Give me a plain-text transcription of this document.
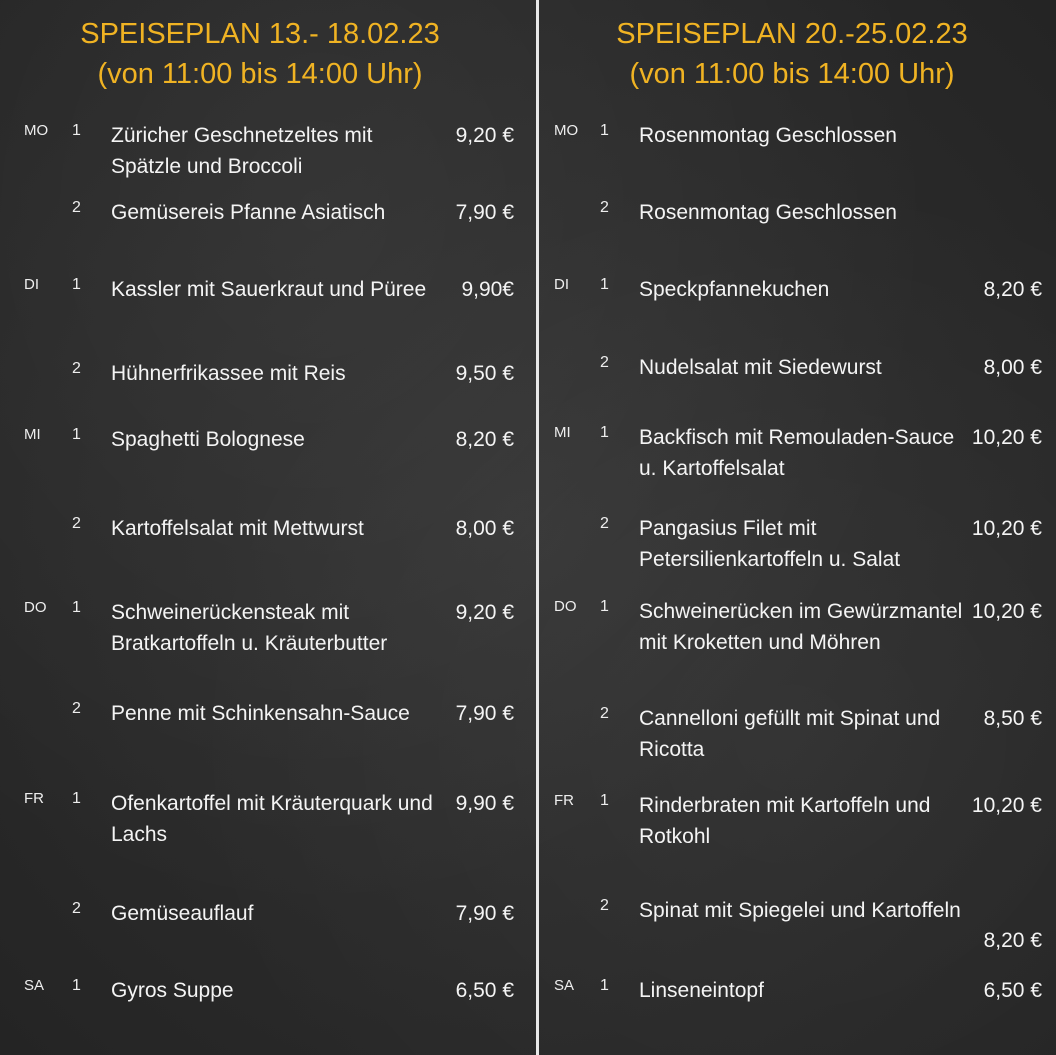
SPEISEPLAN 13.- 18.02.23
(von 11:00 bis 14:00 Uhr)
MO 1 Züricher Geschnetzeltes mit Spätzle und Broccoli
9,20 €
2 Gemüsereis Pfanne Asiatisch	7,90 €
DI 1 Kassler mit Sauerkraut und Püree	9,90€
2 Hühnerfrikassee mit Reis	9,50 €
MI 1 Spaghetti Bolognese	8,20 €
2 Kartoffelsalat mit Mettwurst	8,00 €
DO 1 Schweinerückensteak mit Bratkartoffeln u. Kräuterbutter
9,20 €
2 Penne mit Schinkensahn-Sauce	7,90 €
FR 1 Ofenkartoffel mit Kräuterquark und Lachs
9,90 €
2 Gemüseauflauf	7,90 €
SA 1 Gyros Suppe	6,50 €
SPEISEPLAN 20.-25.02.23
(von 11:00 bis 14:00 Uhr)
MO 1 Rosenmontag Geschlossen
2 Rosenmontag Geschlossen
DI 1 Speckpfannekuchen	8,20 €
2 Nudelsalat mit Siedewurst	8,00 €
MI 1 Backfisch mit Remouladen-Sauce u. Kartoffelsalat
10,20 €
2 Pangasius Filet mit Petersilienkartoffeln u. Salat
10,20 €
DO 1 Schweinerücken im Gewürzmantel mit Kroketten und Möhren
10,20 €
2 Cannelloni gefüllt mit Spinat und Ricotta
8,50 €
FR 1 Rinderbraten mit Kartoffeln und Rotkohl
10,20 €
2 Spinat mit Spiegelei und Kartoffeln
8,20 €
SA 1 Linseneintopf	6,50 €
